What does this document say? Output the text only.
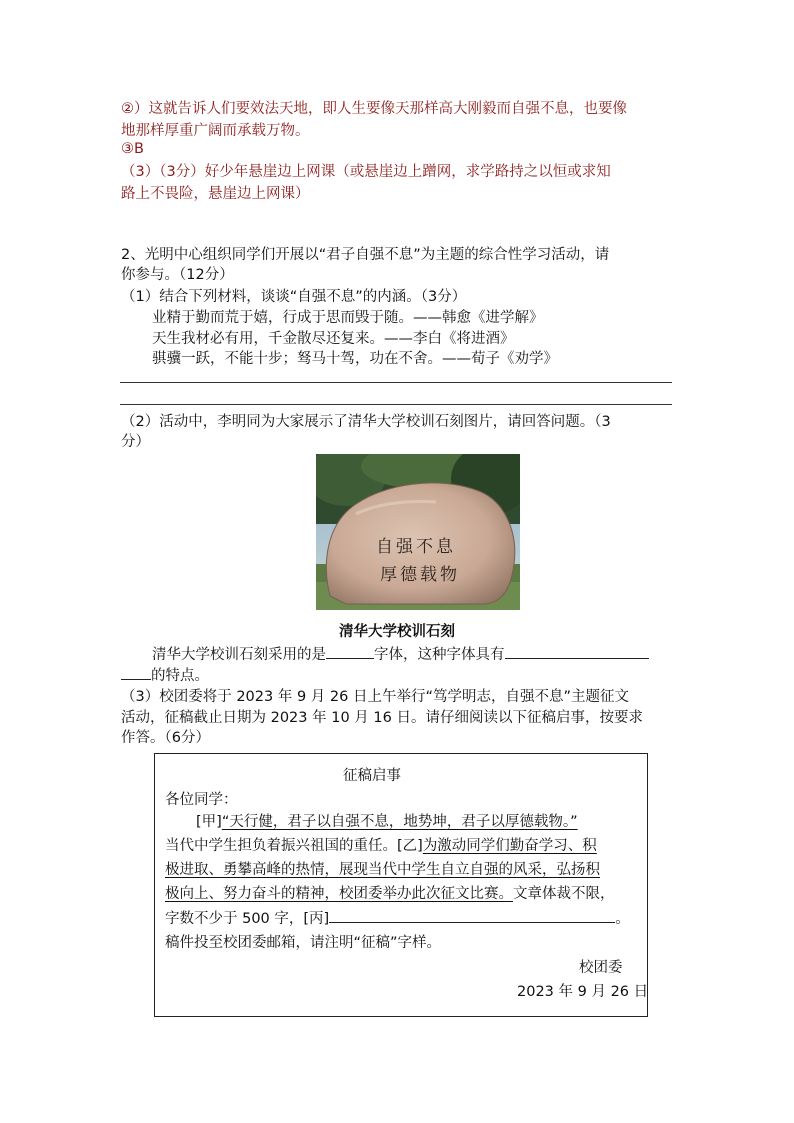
②）这就告诉人们要效法天地，即人生要像天那样高大刚毅而自强不息，也要像
地那样厚重广阔而承载万物。
③B
（3）（3分）好少年悬崖边上网课（或悬崖边上蹭网，求学路持之以恒或求知
路上不畏险，悬崖边上网课）
2、光明中心组织同学们开展以“君子自强不息”为主题的综合性学习活动，请
你参与。（12分）
（1）结合下列材料，谈谈“自强不息”的内涵。（3分）
业精于勤而荒于嬉，行成于思而毁于随。——韩愈《进学解》
天生我材必有用，千金散尽还复来。——李白《将进酒》
骐骥一跃，不能十步；驽马十驾，功在不舍。——荀子《劝学》
（2）活动中，李明同为大家展示了清华大学校训石刻图片，请回答问题。（3
分）
自强不息
厚德载物
清华大学校训石刻
清华大学校训石刻采用的是	字体，这种字体具有
的特点。
（3）校团委将于 2023 年 9 月 26 日上午举行“笃学明志，自强不息”主题征文
活动，征稿截止日期为 2023 年 10 月 16 日。请仔细阅读以下征稿启事，按要求
作答。（6分）
征稿启事
各位同学：
[甲]“天行健，君子以自强不息，地势坤，君子以厚德载物。”
当代中学生担负着振兴祖国的重任。[乙]为激动同学们勤奋学习、积
极进取、勇攀高峰的热情，展现当代中学生自立自强的风采，弘扬积
极向上、努力奋斗的精神，校团委举办此次征文比赛。文章体裁不限，
字数不少于 500 字，[丙]	。
稿件投至校团委邮箱，请注明“征稿”字样。
校团委
2023 年 9 月 26 日
